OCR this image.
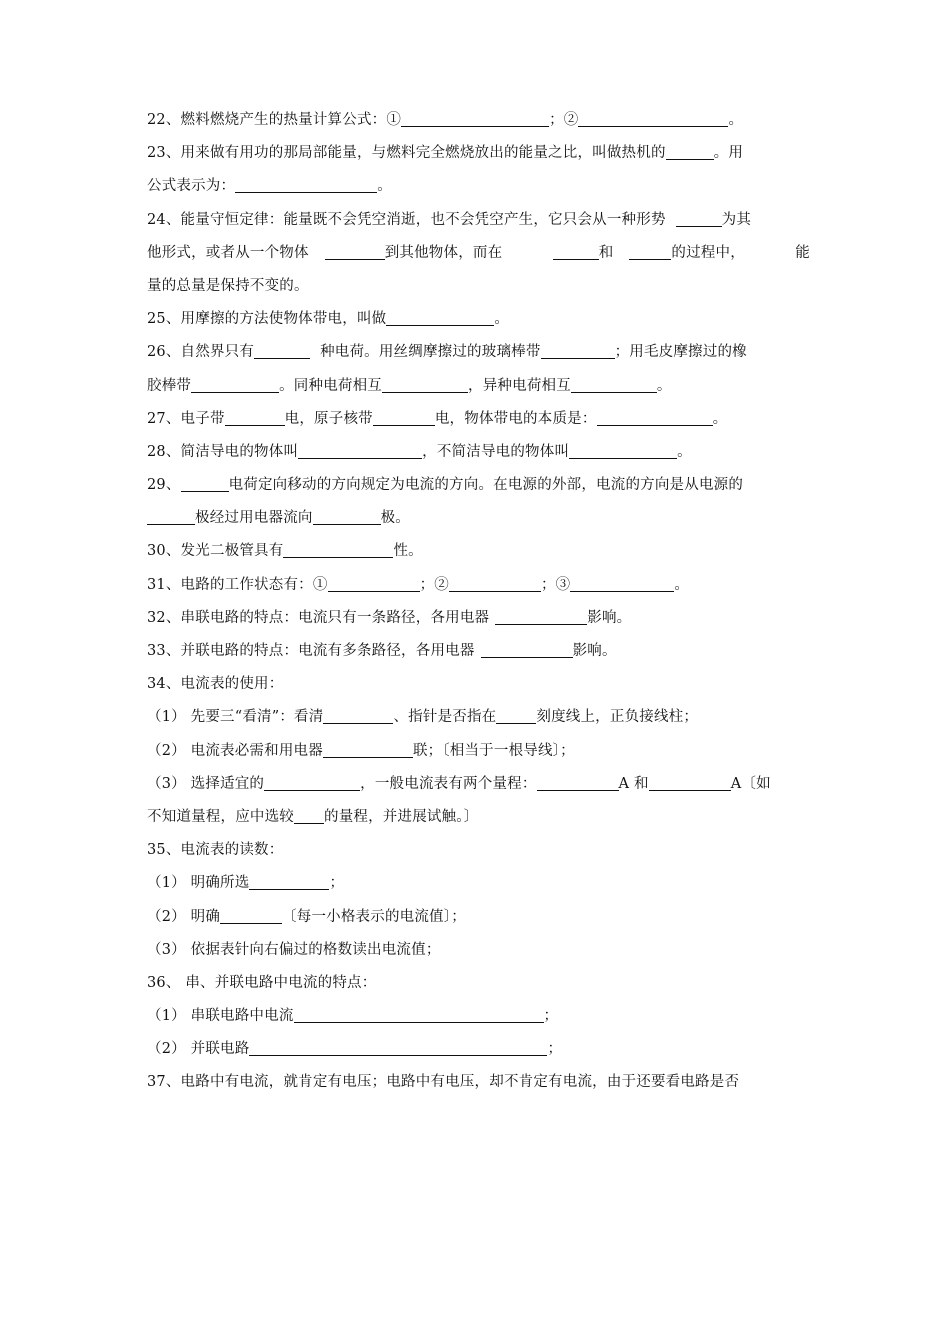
22、燃料燃烧产生的热量计算公式：①	；②	。
23、用来做有用功的那局部能量，与燃料完全燃烧放出的能量之比，叫做热机的	。用
公式表示为：	。
24、能量守恒定律：能量既不会凭空消逝，也不会凭空产生，它只会从一种形势	为其
他形式，或者从一个物体	到其他物体，而在	和	的过程中，	能
量的总量是保持不变的。
25、用摩擦的方法使物体带电，叫做	。
26、自然界只有	种电荷。用丝绸摩擦过的玻璃棒带	；用毛皮摩擦过的橡
胶棒带	。同种电荷相互	，异种电荷相互	。
27、电子带	电，原子核带	电，物体带电的本质是：	。
28、简洁导电的物体叫	，不简洁导电的物体叫	。
29、	电荷定向移动的方向规定为电流的方向。在电源的外部，电流的方向是从电源的
极经过用电器流向	极。
30、发光二极管具有	性。
31、电路的工作状态有：①	；②	；③	。
32、串联电路的特点：电流只有一条路径，各用电器	影响。
33、并联电路的特点：电流有多条路径，各用电器	影响。
34、电流表的使用：
（1） 先要三“看清”：看清	、指针是否指在	刻度线上，正负接线柱；
（2） 电流表必需和用电器	联；〔相当于一根导线〕；
（3） 选择适宜的	，一般电流表有两个量程：	A 和	A〔如
不知道量程，应中选较 的量程，并进展试触。〕
35、电流表的读数：
（1） 明确所选	；
（2） 明确	〔每一小格表示的电流值〕；
（3） 依据表针向右偏过的格数读出电流值；
36、 串、并联电路中电流的特点：
（1） 串联电路中电流	；
（2） 并联电路	；
37、电路中有电流，就肯定有电压；电路中有电压，却不肯定有电流，由于还要看电路是否
